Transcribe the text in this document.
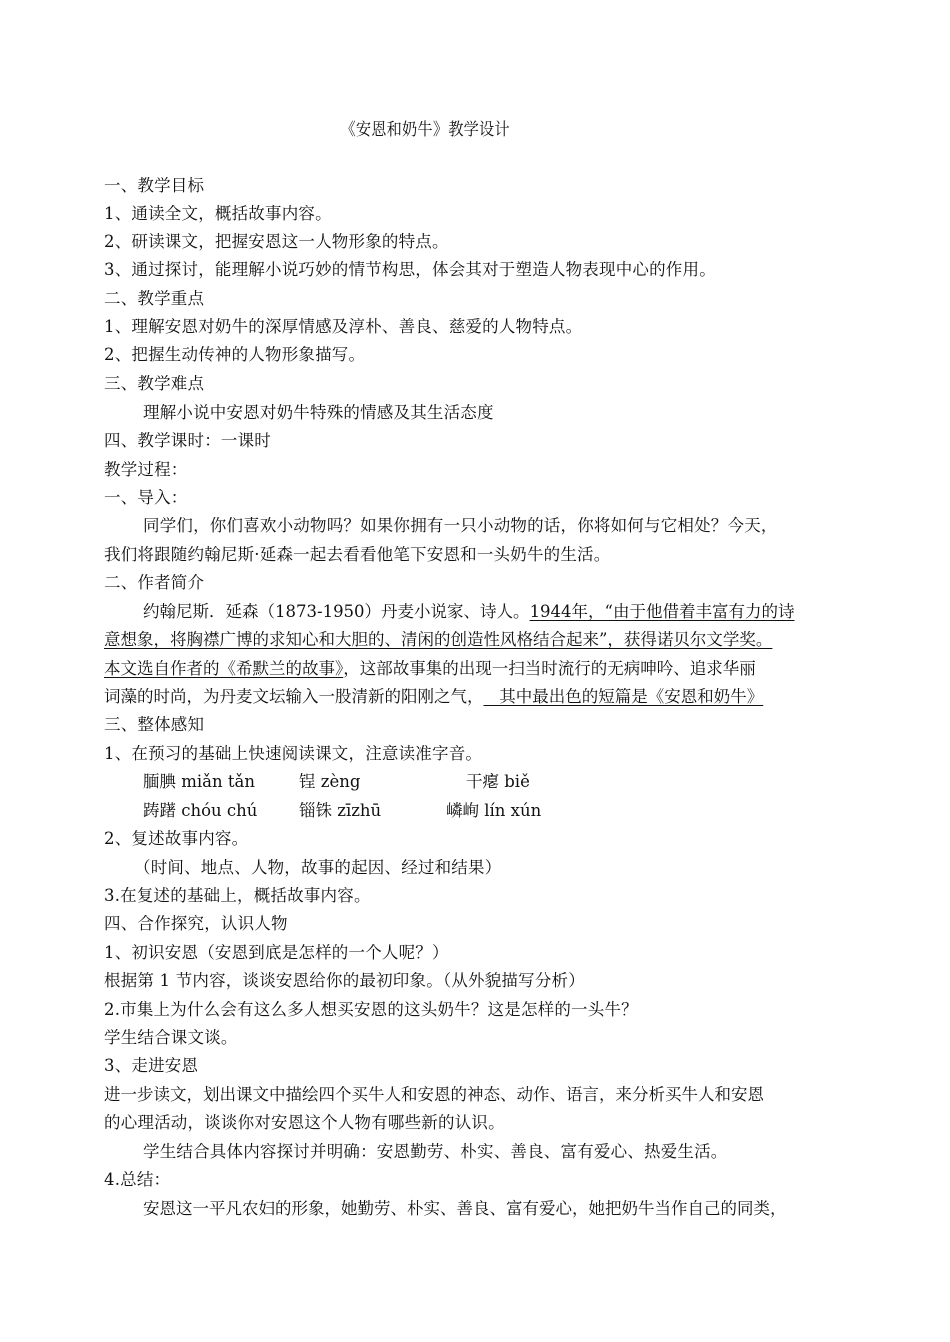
《安恩和奶牛》教学设计
一、教学目标
1、通读全文，概括故事内容。
2、研读课文，把握安恩这一人物形象的特点。
3、通过探讨，能理解小说巧妙的情节构思，体会其对于塑造人物表现中心的作用。
二、教学重点
1、理解安恩对奶牛的深厚情感及淳朴、善良、慈爱的人物特点。
2、把握生动传神的人物形象描写。
三、教学难点
理解小说中安恩对奶牛特殊的情感及其生活态度
四、教学课时：一课时
教学过程：
一、导入：
同学们，你们喜欢小动物吗？如果你拥有一只小动物的话，你将如何与它相处？今天，
我们将跟随约翰尼斯·延森一起去看看他笔下安恩和一头奶牛的生活。
二、作者简介
约翰尼斯．延森（1873-1950）丹麦小说家、诗人。1944年，“由于他借着丰富有力的诗
意想象，将胸襟广博的求知心和大胆的、清闲的创造性风格结合起来”，获得诺贝尔文学奖。
本文选自作者的《希默兰的故事》，这部故事集的出现一扫当时流行的无病呻吟、追求华丽
词藻的时尚，为丹麦文坛输入一股清新的阳刚之气，   其中最出色的短篇是《安恩和奶牛》
三、整体感知
1、在预习的基础上快速阅读课文，注意读准字音。
腼腆 miǎn tǎn	锃 zèng	干瘪 biě
踌躇 chóu chú	锱铢 zīzhū	嶙峋 lín xún
2、复述故事内容。
（时间、地点、人物，故事的起因、经过和结果）
3.在复述的基础上，概括故事内容。
四、合作探究，认识人物
1、初识安恩（安恩到底是怎样的一个人呢？）
根据第 1 节内容，谈谈安恩给你的最初印象。（从外貌描写分析）
2.市集上为什么会有这么多人想买安恩的这头奶牛？这是怎样的一头牛？
学生结合课文谈。
3、走进安恩
进一步读文，划出课文中描绘四个买牛人和安恩的神态、动作、语言，来分析买牛人和安恩
的心理活动，谈谈你对安恩这个人物有哪些新的认识。
学生结合具体内容探讨并明确：安恩勤劳、朴实、善良、富有爱心、热爱生活。
4.总结：
安恩这一平凡农妇的形象，她勤劳、朴实、善良、富有爱心，她把奶牛当作自己的同类，
